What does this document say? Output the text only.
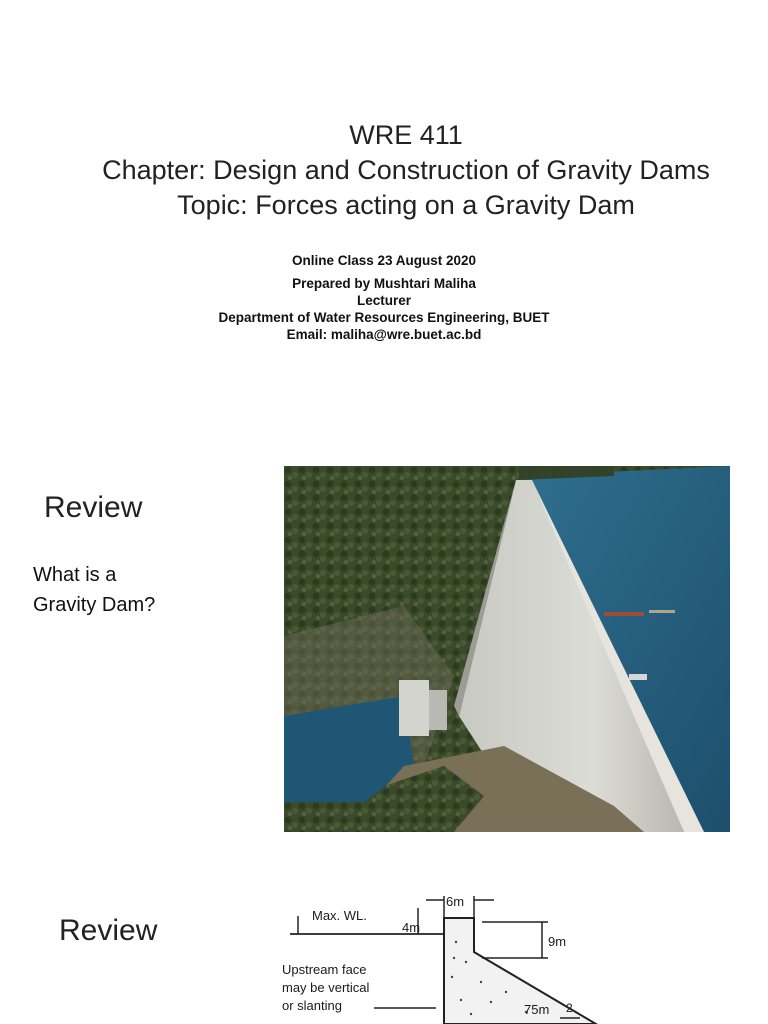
WRE 411
Chapter: Design and Construction of Gravity Dams
Topic: Forces acting on a Gravity Dam
Online Class 23 August 2020
Prepared by Mushtari Maliha
Lecturer
Department of Water Resources Engineering, BUET
Email: maliha@wre.buet.ac.bd
Review
What is a
Gravity Dam?
Review
6m
Max. WL.
4m
9m
Upstream face
may be vertical
or slanting	75m 2
